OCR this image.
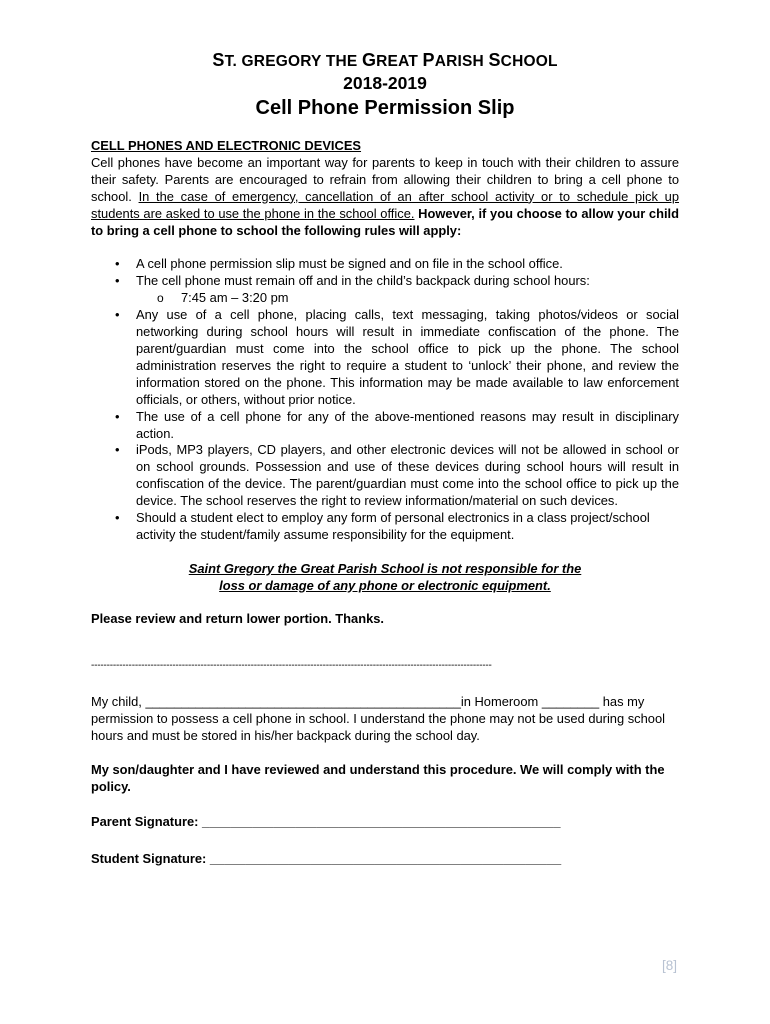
ST. GREGORY THE GREAT PARISH SCHOOL
2018-2019
Cell Phone Permission Slip
CELL PHONES AND ELECTRONIC DEVICES
Cell phones have become an important way for parents to keep in touch with their children to assure their safety. Parents are encouraged to refrain from allowing their children to bring a cell phone to school. In the case of emergency, cancellation of an after school activity or to schedule pick up students are asked to use the phone in the school office. However, if you choose to allow your child to bring a cell phone to school the following rules will apply:
• A cell phone permission slip must be signed and on file in the school office.
• The cell phone must remain off and in the child’s backpack during school hours:
o 7:45 am – 3:20 pm
• Any use of a cell phone, placing calls, text messaging, taking photos/videos or social networking during school hours will result in immediate confiscation of the phone. The parent/guardian must come into the school office to pick up the phone. The school administration reserves the right to require a student to ‘unlock’ their phone, and review the information stored on the phone. This information may be made available to law enforcement officials, or others, without prior notice.
• The use of a cell phone for any of the above-mentioned reasons may result in disciplinary action.
• iPods, MP3 players, CD players, and other electronic devices will not be allowed in school or on school grounds. Possession and use of these devices during school hours will result in confiscation of the device. The parent/guardian must come into the school office to pick up the device. The school reserves the right to review information/material on such devices.
• Should a student elect to employ any form of personal electronics in a class project/school activity the student/family assume responsibility for the equipment.
Saint Gregory the Great Parish School is not responsible for the
loss or damage of any phone or electronic equipment.
Please review and return lower portion. Thanks.
--------------------------------------------------------------------------------------------------------------------------------
My child, ____________________________________________in Homeroom ________ has my permission to possess a cell phone in school. I understand the phone may not be used during school hours and must be stored in his/her backpack during the school day.
My son/daughter and I have reviewed and understand this procedure. We will comply with the policy.
Parent Signature: __________________________________________________
Student Signature: _________________________________________________
[8]
